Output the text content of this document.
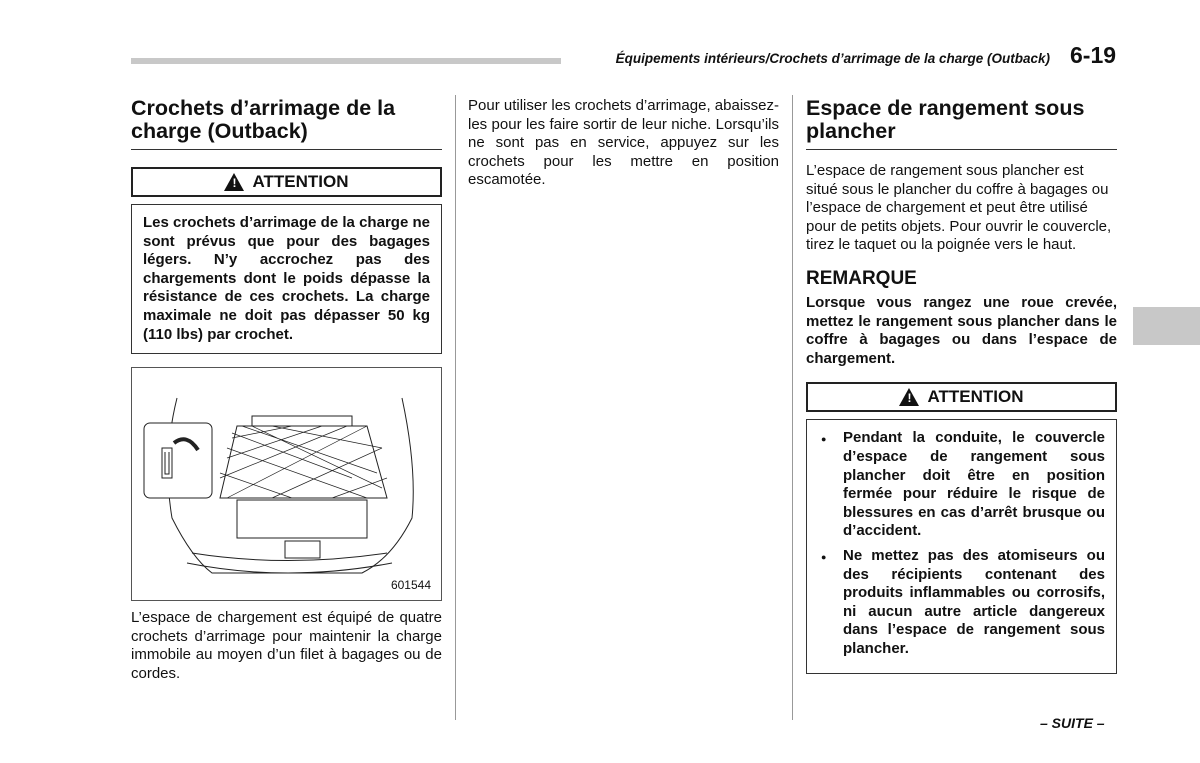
Équipements intérieurs/Crochets d’arrimage de la charge (Outback) 6-19
Crochets d’arrimage de la charge (Outback)
!
ATTENTION

Les crochets d’arrimage de la charge ne sont prévus que pour des bagages légers. N’y accrochez pas des chargements dont le poids dépasse la résistance de ces crochets. La charge maximale ne doit pas dépasser 50 kg (110 lbs) par crochet.

601544

L’espace de chargement est équipé de quatre crochets d’arrimage pour maintenir la charge immobile au moyen d’un filet à bagages ou de cordes.

Pour utiliser les crochets d’arrimage, abaissez-les pour les faire sortir de leur niche. Lorsqu’ils ne sont pas en service, appuyez sur les crochets pour les mettre en position escamotée.

Espace de rangement sous plancher

L’espace de rangement sous plancher est situé sous le plancher du coffre à bagages ou l’espace de chargement et peut être utilisé pour de petits objets. Pour ouvrir le couvercle, tirez le taquet ou la poignée vers le haut.

REMARQUE

Lorsque vous rangez une roue crevée, mettez le rangement sous plancher dans le coffre à bagages ou dans l’espace de chargement.

!
ATTENTION
● Pendant la conduite, le couvercle d’espace de rangement sous plancher doit être en position fermée pour réduire le risque de blessures en cas d’arrêt brusque ou d’accident.
● Ne mettez pas des atomiseurs ou des récipients contenant des produits inflammables ou corrosifs, ni aucun autre article dangereux dans l’espace de rangement sous plancher.
– SUITE –
